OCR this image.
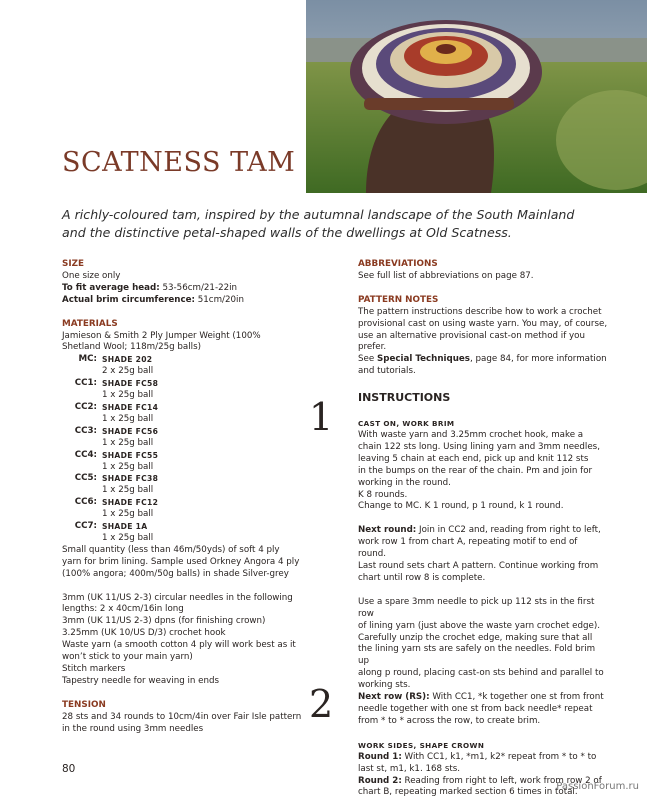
SCATNESS TAM
A richly-coloured tam, inspired by the autumnal landscape of the South Mainland and the distinctive petal-shaped walls of the dwellings at Old Scatness.
SIZE
One size only
To fit average head: 53-56cm/21-22in
Actual brim circumference: 51cm/20in
MATERIALS
Jamieson & Smith 2 Ply Jumper Weight (100%
Shetland Wool; 118m/25g balls)
MC: SHADE 202
2 x 25g ball
CC1: SHADE FC58
1 x 25g ball
CC2: SHADE FC14
1 x 25g ball
CC3: SHADE FC56
1 x 25g ball
CC4: SHADE FC55
1 x 25g ball
CC5: SHADE FC38
1 x 25g ball
CC6: SHADE FC12
1 x 25g ball
CC7: SHADE 1A
1 x 25g ball
Small quantity (less than 46m/50yds) of soft 4 ply
yarn for brim lining. Sample used Orkney Angora 4 ply
(100% angora; 400m/50g balls) in shade Silver-grey
3mm (UK 11/US 2-3) circular needles in the following
lengths: 2 x 40cm/16in long
3mm (UK 11/US 2-3) dpns (for finishing crown)
3.25mm (UK 10/US D/3) crochet hook
Waste yarn (a smooth cotton 4 ply will work best as it
won’t stick to your main yarn)
Stitch markers
Tapestry needle for weaving in ends
TENSION
28 sts and 34 rounds to 10cm/4in over Fair Isle pattern
in the round using 3mm needles
ABBREVIATIONS
See full list of abbreviations on page 87.
PATTERN NOTES
The pattern instructions describe how to work a crochet
provisional cast on using waste yarn. You may, of course,
use an alternative provisional cast-on method if you prefer.
See Special Techniques, page 84, for more information
and tutorials.
INSTRUCTIONS
CAST ON, WORK BRIM
With waste yarn and 3.25mm crochet hook, make a
chain 122 sts long. Using lining yarn and 3mm needles,
leaving 5 chain at each end, pick up and knit 112 sts
in the bumps on the rear of the chain. Pm and join for
working in the round.
K 8 rounds.
Change to MC. K 1 round, p 1 round, k 1 round.
Next round: Join in CC2 and, reading from right to left,
work row 1 from chart A, repeating motif to end of round.
Last round sets chart A pattern. Continue working from
chart until row 8 is complete.
Use a spare 3mm needle to pick up 112 sts in the first row
of lining yarn (just above the waste yarn crochet edge).
Carefully unzip the crochet edge, making sure that all
the lining yarn sts are safely on the needles. Fold brim up
along p round, placing cast-on sts behind and parallel to
working sts.
Next row (RS): With CC1, *k together one st from front
needle together with one st from back needle* repeat
from * to * across the row, to create brim.
WORK SIDES, SHAPE CROWN
Round 1: With CC1, k1, *m1, k2* repeat from * to * to
last st, m1, k1. 168 sts.
Round 2: Reading from right to left, work from row 2 of
chart B, repeating marked section 6 times in total.
1
2
80
PassionForum.ru
